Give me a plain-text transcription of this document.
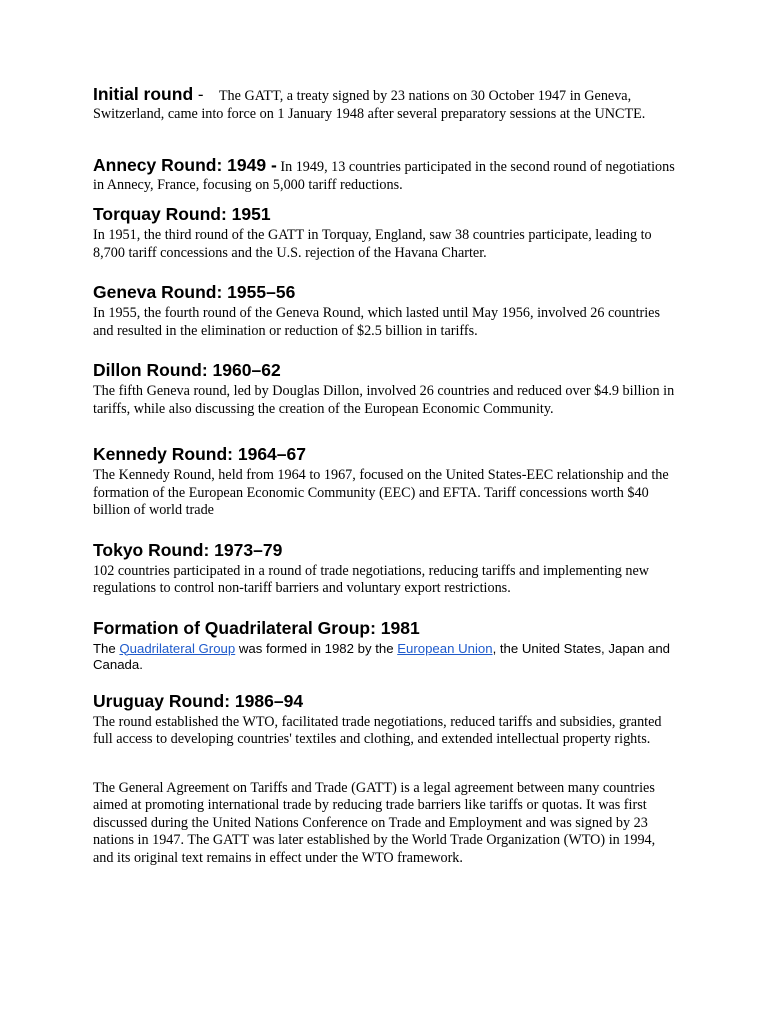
Initial round -    The GATT, a treaty signed by 23 nations on 30 October 1947 in Geneva, Switzerland, came into force on 1 January 1948 after several preparatory sessions at the UNCTE.

Annecy Round: 1949 - In 1949, 13 countries participated in the second round of negotiations in Annecy, France, focusing on 5,000 tariff reductions.

Torquay Round: 1951

In 1951, the third round of the GATT in Torquay, England, saw 38 countries participate, leading to 8,700 tariff concessions and the U.S. rejection of the Havana Charter.

Geneva Round: 1955–56

In 1955, the fourth round of the Geneva Round, which lasted until May 1956, involved 26 countries and resulted in the elimination or reduction of $2.5 billion in tariffs.

Dillon Round: 1960–62

The fifth Geneva round, led by Douglas Dillon, involved 26 countries and reduced over $4.9 billion in tariffs, while also discussing the creation of the European Economic Community.

Kennedy Round: 1964–67

The Kennedy Round, held from 1964 to 1967, focused on the United States-EEC relationship and the formation of the European Economic Community (EEC) and EFTA. Tariff concessions worth $40 billion of world trade

Tokyo Round: 1973–79

102 countries participated in a round of trade negotiations, reducing tariffs and implementing new regulations to control non-tariff barriers and voluntary export restrictions.

Formation of Quadrilateral Group: 1981

The Quadrilateral Group was formed in 1982 by the European Union, the United States, Japan and Canada.

Uruguay Round: 1986–94

The round established the WTO, facilitated trade negotiations, reduced tariffs and subsidies, granted full access to developing countries' textiles and clothing, and extended intellectual property rights.

The General Agreement on Tariffs and Trade (GATT) is a legal agreement between many countries aimed at promoting international trade by reducing trade barriers like tariffs or quotas. It was first discussed during the United Nations Conference on Trade and Employment and was signed by 23 nations in 1947. The GATT was later established by the World Trade Organization (WTO) in 1994, and its original text remains in effect under the WTO framework.
